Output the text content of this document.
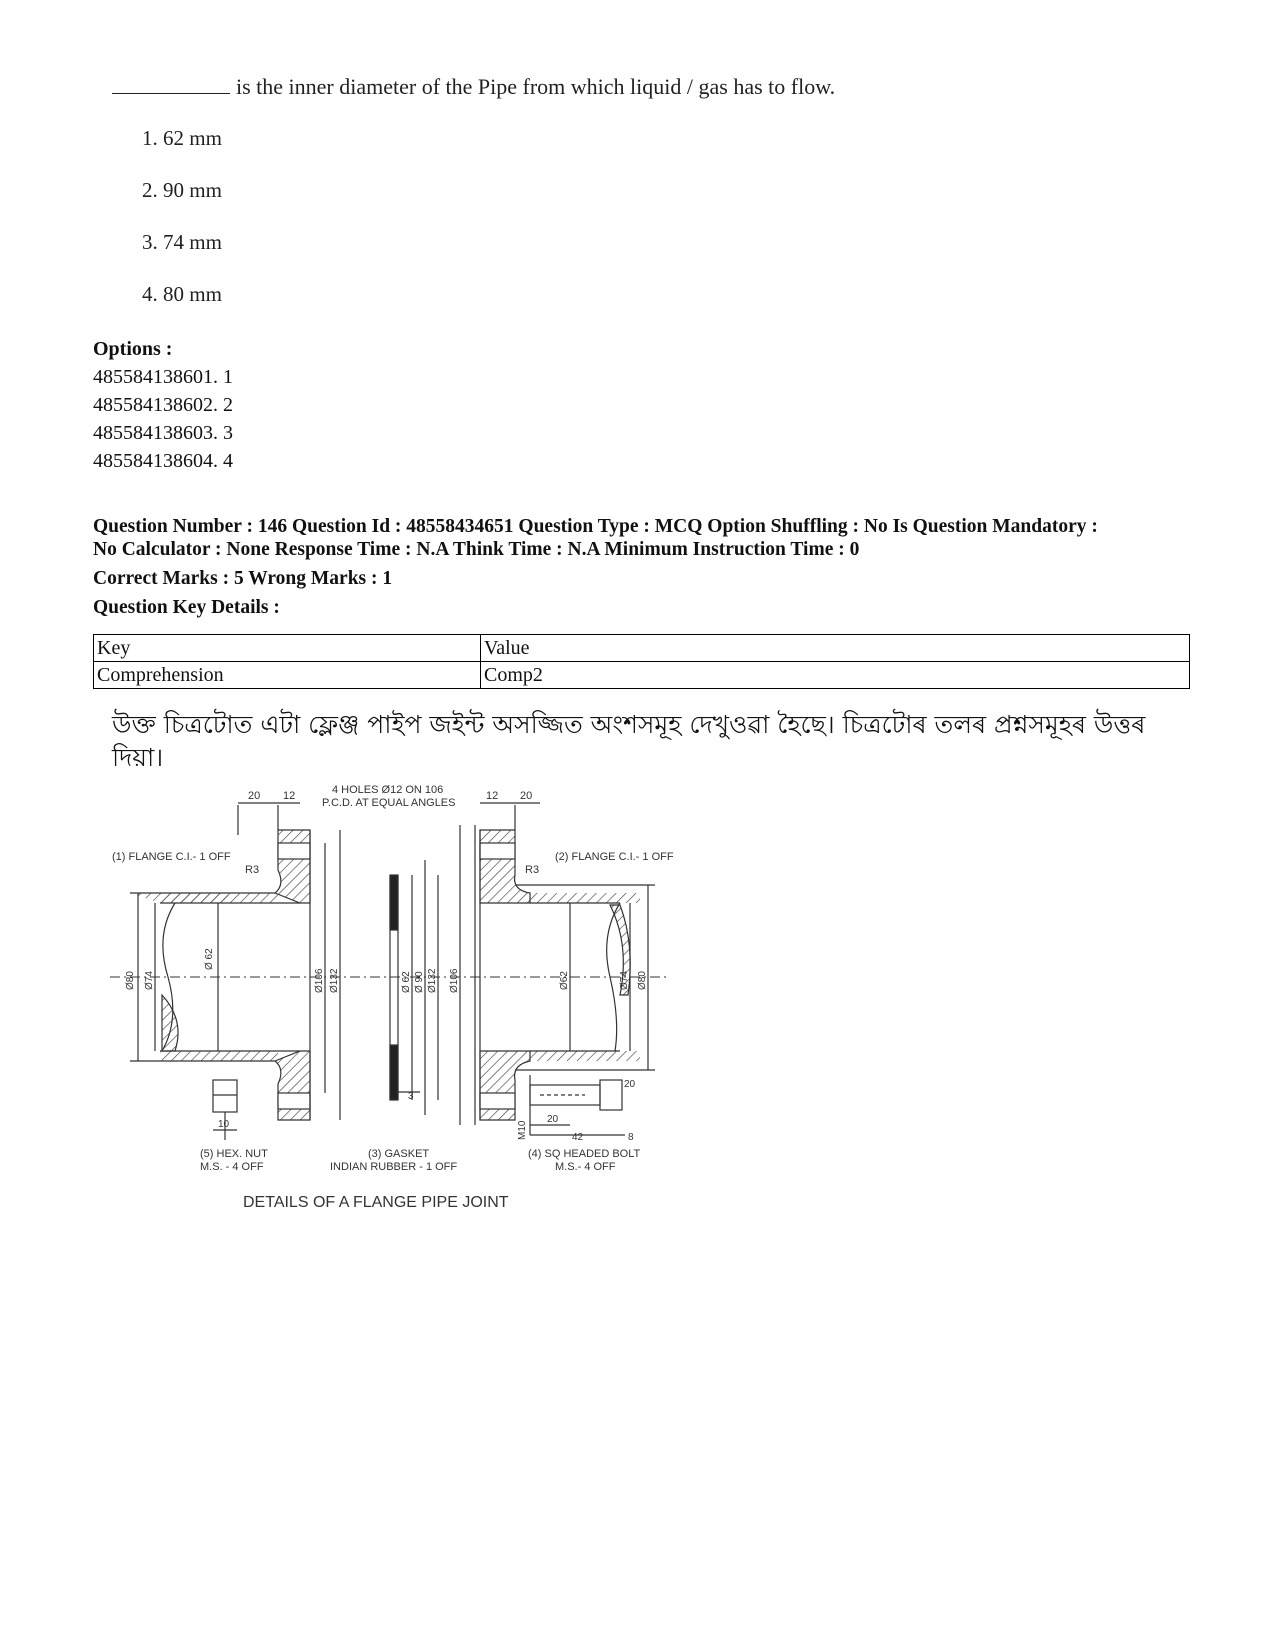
is the inner diameter of the Pipe from which liquid / gas has to flow.
1. 62 mm
2. 90 mm
3. 74 mm
4. 80 mm
Options :
485584138601. 1
485584138602. 2
485584138603. 3
485584138604. 4
Question Number : 146 Question Id : 48558434651 Question Type : MCQ Option Shuffling : No Is Question Mandatory :
No Calculator : None Response Time : N.A Think Time : N.A Minimum Instruction Time : 0
Correct Marks : 5 Wrong Marks : 1
Question Key Details :
Key	Value
Comprehension	Comp2
উক্ত চিত্ৰটোত এটা ফ্লেঞ্জ পাইপ জইন্ট অসজ্জিত অংশসমূহ দেখুওৱা হৈছে। চিত্ৰটোৰ তলৰ প্ৰশ্নসমূহৰ উত্তৰ দিয়া।
4 HOLES Ø12 ON 106
P.C.D. AT EQUAL ANGLES
20 12	12 20
(1) FLANGE C.I.- 1 OFF	(2) FLANGE C.I.- 1 OFF
R3	R3
Ø80 Ø74
Ø 62
Ø106 Ø132	Ø 62 Ø 90 Ø132 Ø106	Ø62	Ø74 Ø80
3
10	M10
20
42	8
20
(5) HEX. NUT
M.S. - 4 OFF
(3) GASKET
INDIAN RUBBER - 1 OFF
(4) SQ HEADED BOLT
M.S.- 4 OFF
DETAILS OF A FLANGE PIPE JOINT
